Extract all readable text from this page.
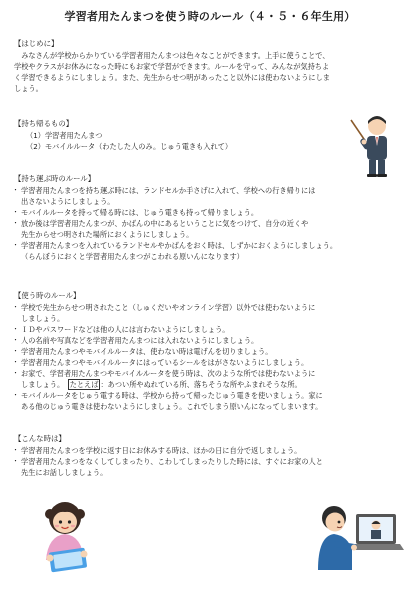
学習者用たんまつを使う時のルール（４・５・６年生用）
【はじめに】

　みなさんが学校からかりている学習者用たんまつは色々なことができます。上手に使うことで、

学校やクラスがお休みになった時にもお家で学習ができます。ルールを守って、みんなが気持ちよ

く学習できるようにしましょう。また、先生からせつ明があったこと以外には使わないようにしま

しょう。

【持ち帰るもの】
（1）学習者用たんまつ
（2）モバイルルータ（わたした人のみ。じゅう電きも入れて）
【持ち運ぶ時のルール】
・ 学習者用たんまつを持ち運ぶ時には、ランドセルか手さげに入れて、学校への行き帰りには
出さないようにしましょう。
・ モバイルルータを持って帰る時には、じゅう電きも持って帰りましょう。
・ 放か後は学習者用たんまつが、かばんの中にあるということに気をつけて、自分の近くや
先生からせつ明された場所におくようにしましょう。
・ 学習者用たんまつを入れているランドセルやかばんをおく時は、しずかにおくようにしましょう。
（らんぼうにおくと学習者用たんまつがこわれる原いんになります）
【使う時のルール】
・ 学校で先生からせつ明されたこと（しゅくだいやオンライン学習）以外では使わないように
しましょう。
・ ＩＤやパスワードなどは他の人には言わないようにしましょう。
・ 人の名前や写真などを学習者用たんまつには入れないようにしましょう。
・ 学習者用たんまつやモバイルルータは、使わない時は電げんを切りましょう。
・ 学習者用たんまつやモバイルルータにはっているシールをはがさないようにしましょう。
・ お家で、学習者用たんまつやモバイルルータを使う時は、次のような所では使わないように
しましょう。　たとえば ：あつい所やぬれている所、落ちそうな所やふまれそうな所。
・ モバイルルータをじゅう電する時は、学校から持って帰ったじゅう電きを使いましょう。家に
ある他のじゅう電きは使わないようにしましょう。これでしまう原いんになってしまいます。
【こんな時は】
・ 学習者用たんまつを学校に返す日にお休みする時は、ほかの日に自分で返しましょう。
・ 学習者用たんまつをなくしてしまったり、こわしてしまったりした時には、すぐにお家の人と
先生にお話ししましょう。
